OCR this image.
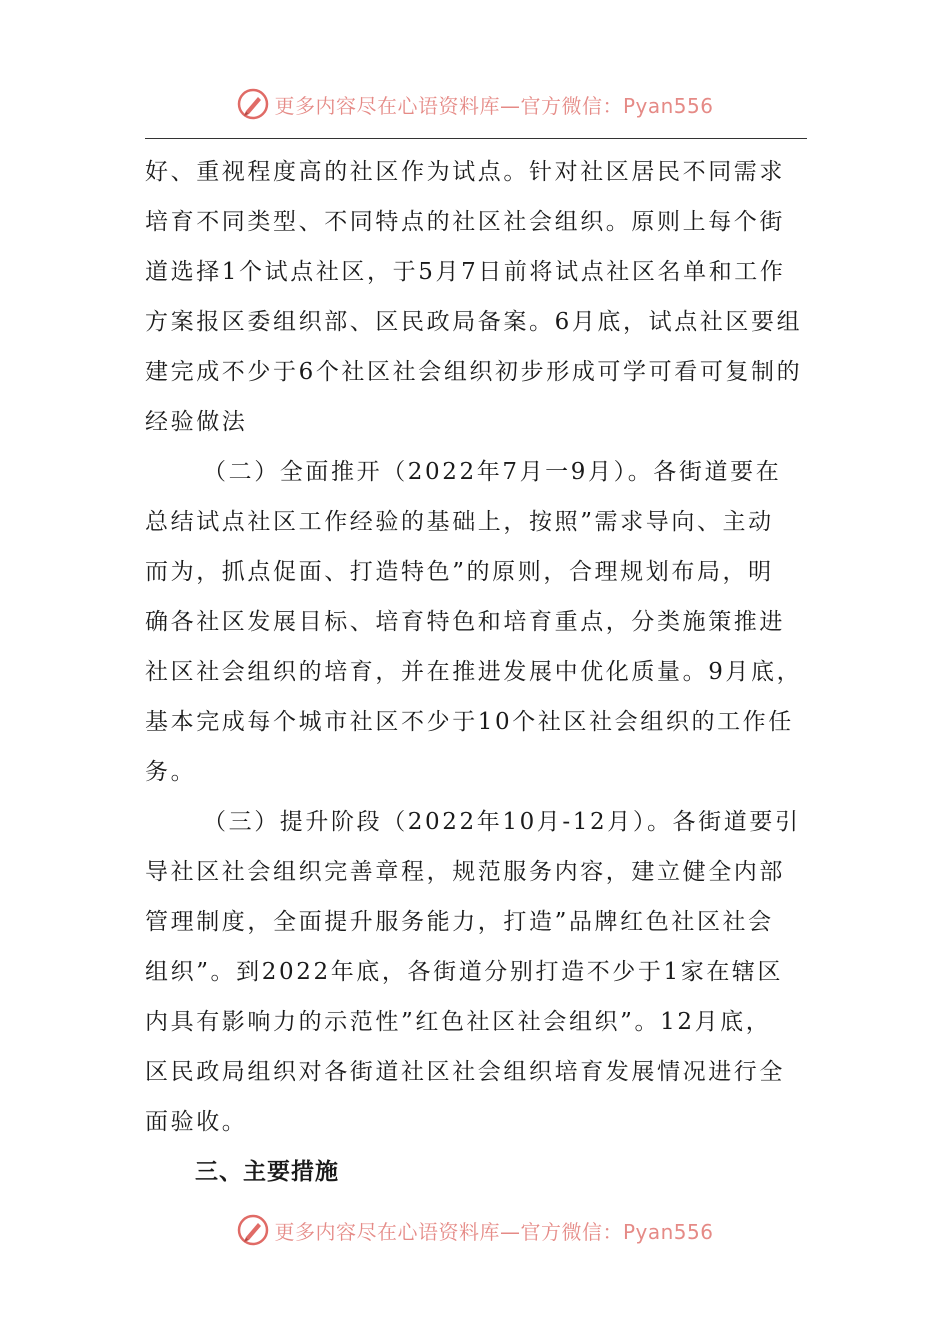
更多内容尽在心语资料库—官方微信：Pyan556
好、重视程度高的社区作为试点。针对社区居民不同需求
培育不同类型、不同特点的社区社会组织。原则上每个街
道选择1个试点社区，于5月7日前将试点社区名单和工作
方案报区委组织部、区民政局备案。6月底，试点社区要组
建完成不少于6个社区社会组织初步形成可学可看可复制的
经验做法
（二）全面推开（2022年7月一9月）。各街道要在
总结试点社区工作经验的基础上，按照”需求导向、主动
而为，抓点促面、打造特色”的原则，合理规划布局，明
确各社区发展目标、培育特色和培育重点，分类施策推进
社区社会组织的培育，并在推进发展中优化质量。9月底，
基本完成每个城市社区不少于10个社区社会组织的工作任
务。
（三）提升阶段（2022年10月-12月）。各街道要引
导社区社会组织完善章程，规范服务内容，建立健全内部
管理制度，全面提升服务能力，打造”品牌红色社区社会
组织”。到2022年底，各街道分别打造不少于1家在辖区
内具有影响力的示范性”红色社区社会组织”。12月底，
区民政局组织对各街道社区社会组织培育发展情况进行全
面验收。
三、主要措施
更多内容尽在心语资料库—官方微信：Pyan556
